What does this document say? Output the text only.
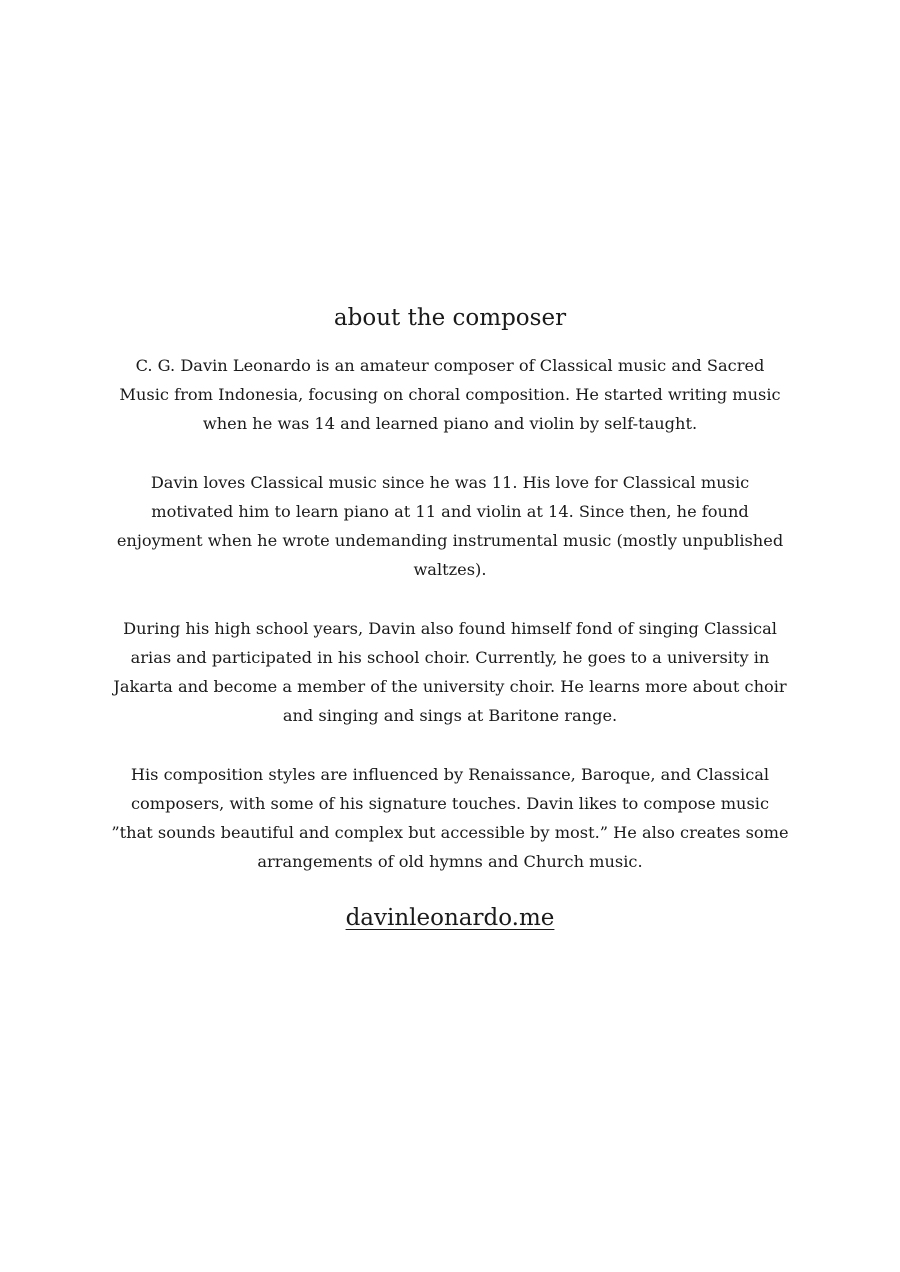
about the composer

C. G. Davin Leonardo is an amateur composer of Classical music and Sacred Music from Indonesia, focusing on choral composition. He started writing music when he was 14 and learned piano and violin by self-taught.

Davin loves Classical music since he was 11. His love for Classical music motivated him to learn piano at 11 and violin at 14. Since then, he found enjoyment when he wrote undemanding instrumental music (mostly unpublished waltzes).

During his high school years, Davin also found himself fond of singing Classical arias and participated in his school choir. Currently, he goes to a university in Jakarta and become a member of the university choir. He learns more about choir and singing and sings at Baritone range.

His composition styles are influenced by Renaissance, Baroque, and Classical composers, with some of his signature touches. Davin likes to compose music ”that sounds beautiful and complex but accessible by most.” He also creates some arrangements of old hymns and Church music.

davinleonardo.me
